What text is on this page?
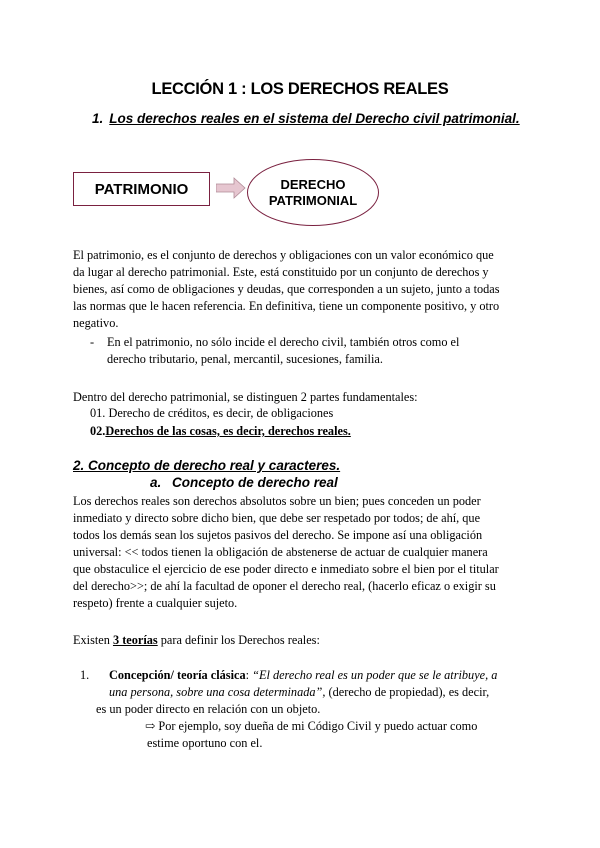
LECCIÓN 1 : LOS DERECHOS REALES
1. Los derechos reales en el sistema del Derecho civil patrimonial.
PATRIMONIO	DERECHO
PATRIMONIAL
El patrimonio, es el conjunto de derechos y obligaciones con un valor económico que
da lugar al derecho patrimonial. Este, está constituido por un conjunto de derechos y
bienes, así como de obligaciones y deudas, que corresponden a un sujeto, junto a todas
las normas que le hacen referencia. En definitiva, tiene un componente positivo, y otro
negativo.
- En el patrimonio, no sólo incide el derecho civil, también otros como el
derecho tributario, penal, mercantil, sucesiones, familia.
Dentro del derecho patrimonial, se distinguen 2 partes fundamentales:
01. Derecho de créditos, es decir, de obligaciones
02.Derechos de las cosas, es decir, derechos reales.
2. Concepto de derecho real y caracteres.
a. Concepto de derecho real
Los derechos reales son derechos absolutos sobre un bien; pues conceden un poder
inmediato y directo sobre dicho bien, que debe ser respetado por todos; de ahí, que
todos los demás sean los sujetos pasivos del derecho. Se impone así una obligación
universal: << todos tienen la obligación de abstenerse de actuar de cualquier manera
que obstaculice el ejercicio de ese poder directo e inmediato sobre el bien por el titular
del derecho>>; de ahí la facultad de oponer el derecho real, (hacerlo eficaz o exigir su
respeto) frente a cualquier sujeto.
Existen 3 teorías para definir los Derechos reales:
1. Concepción/ teoría clásica: “El derecho real es un poder que se le atribuye, a
una persona, sobre una cosa determinada”, (derecho de propiedad), es decir,
es un poder directo en relación con un objeto.
⇨ Por ejemplo, soy dueña de mi Código Civil y puedo actuar como
estime oportuno con el.
